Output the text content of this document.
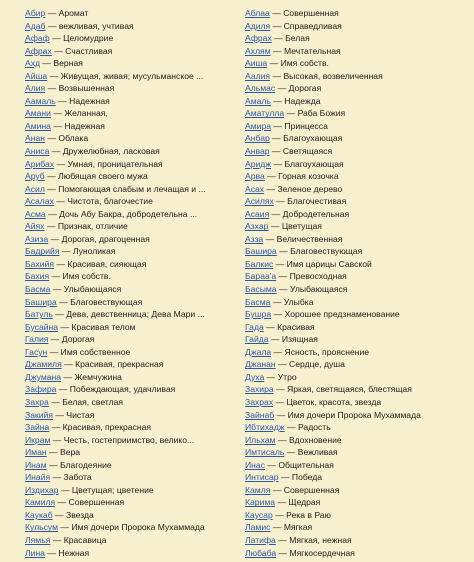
Абир — Аромат
Адаб — вежливая, учтивая
Афаф — Целомудрие
Афрах — Счастливая
Ахд — Верная
Айша — Живущая, живая; мусульманское ...
Алия — Возвышенная
Аамаль — Надежная
Амани — Желанная,
Амина — Надежная
Анан — Облака
Анисa — Дружелюбная, ласковая
Арибах — Умная, проницательная
Аруб — Любящая своего мужа
Асил — Помогающая слабым и лечащая и ...
Асалах — Чистота, благочестие
Асма — Дочь Абу Бакра, добродетельна ...
Айях — Признак, отличие
Азиза — Дорогая, драгоценная
Бадрийя — Луноликая
Бахийя — Красивая, сияющая
Бахия — Имя собств.
Басма — Улыбающаяся
Башира — Благовествующая
Батуль — Дева, девственница; Дева Мари ...
Бусайна — Красивая телом
Галия — Дорогая
Гасун — Имя собственное
Джамиля — Красивая, прекрасная
Джумана — Жемчужина
Зафира — Побеждающая, удачливая
Захра — Белая, светлая
Закийя — Чистая
Зайна — Красивая, прекрасная
Икрам — Честь, гостеприимство, велико...
Иман — Вера
Инам — Благодеяние
Инайя — Забота
Издихар — Цветущая; цветение
Камиля — Совершенная
Каукаб — Звезда
Кульсум — Имя дочери Пророка Мухаммада
Лямья — Красавица
Лина — Нежная
Аблаа — Совершенная
Адиля — Справедливая
Афрах — Белая
Ахлям — Мечтательная
Аиша — Имя собств.
Аалия — Высокая, возвеличенная
Альмас — Дорогая
Амаль — Надежда
Аматулла — Раба Божия
Амира — Принцесса
Анбар — Благоухающая
Анвар — Светящаяся
Аридж — Благоухающая
Арва — Горная козочка
Асах — Зеленое дерево
Асилях — Благочестивая
Асаия — Добродетельная
Азхар — Цветущая
Азза — Величественная
Баширa — Благовествующая
Балкис — Имя царицы Савской
Бараа'а — Превосходная
Басыма — Улыбающаяся
Басма — Улыбка
Бушра — Хорошее предзнаменование
Гада — Красивая
Гайда — Изящная
Джала — Ясность, прояснение
Джанан — Сердце, душа
Духа — Утро
Захира — Яркая, светящаяся, блестящая
Захрах — Цветок, красота, звезда
Зайнаб — Имя дочери Пророка Мухаммада
Ибтихадж — Радость
Ильхам — Вдохновение
Имтисаль — Вежливая
Инас — Общительная
Интисар — Победа
Камля — Совершенная
Карима — Щедрая
Каусар — Река в Раю
Ламис — Мягкая
Латифа — Мягкая, нежная
Любаба — Мягкосердечная
